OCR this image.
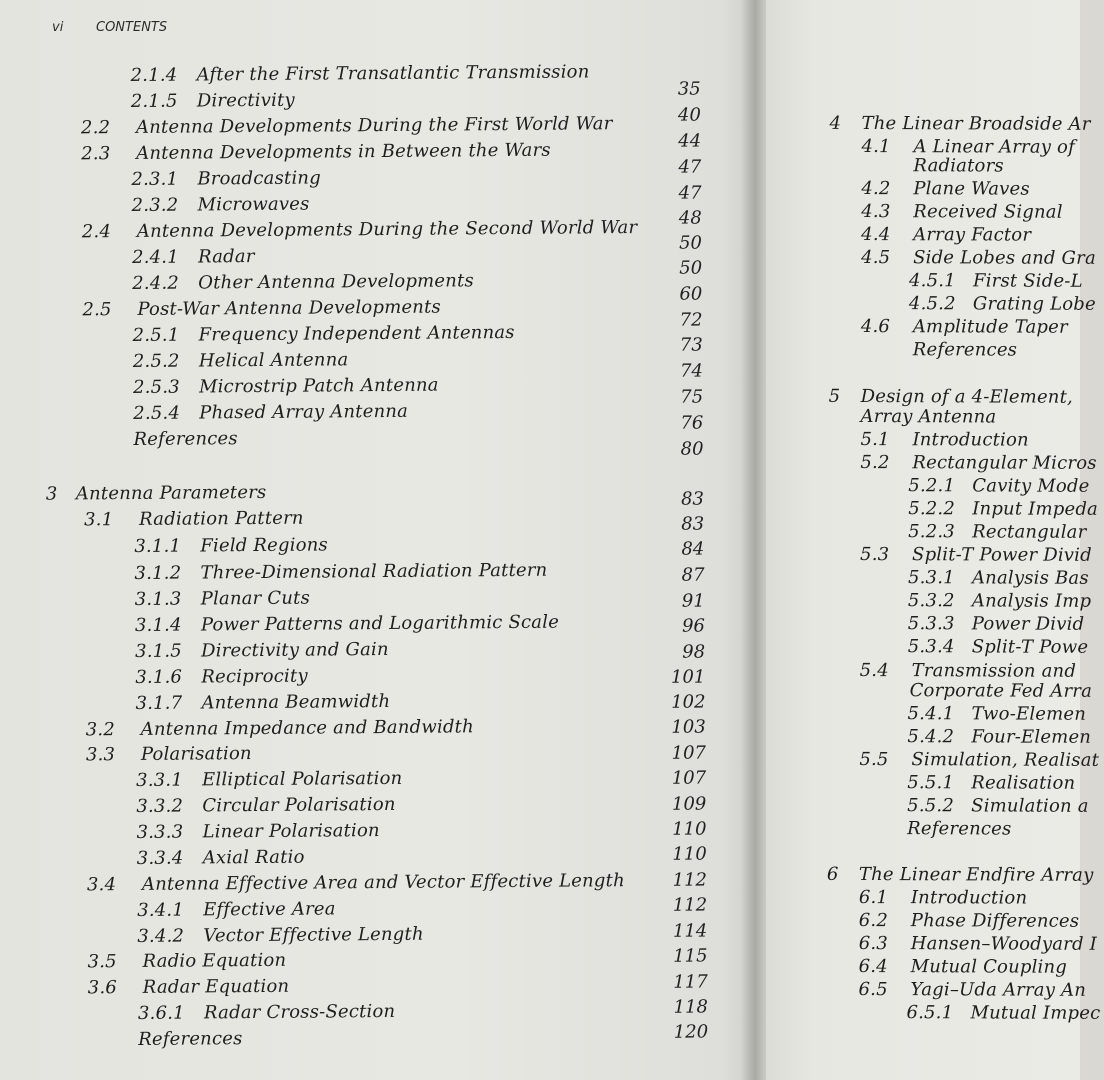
vi	CONTENTS
2.1.4 After the First Transatlantic Transmission
2.1.5 Directivity
2.2 Antenna Developments During the First World War
2.3 Antenna Developments in Between the Wars
2.3.1 Broadcasting
2.3.2 Microwaves
2.4 Antenna Developments During the Second World War
2.4.1 Radar
2.4.2 Other Antenna Developments
2.5 Post-War Antenna Developments
2.5.1 Frequency Independent Antennas
2.5.2 Helical Antenna
2.5.3 Microstrip Patch Antenna
2.5.4 Phased Array Antenna
References
3 Antenna Parameters
3.1 Radiation Pattern
3.1.1 Field Regions
3.1.2 Three-Dimensional Radiation Pattern
3.1.3 Planar Cuts
3.1.4 Power Patterns and Logarithmic Scale
3.1.5 Directivity and Gain
3.1.6 Reciprocity
3.1.7 Antenna Beamwidth
3.2 Antenna Impedance and Bandwidth
3.3 Polarisation
3.3.1 Elliptical Polarisation
3.3.2 Circular Polarisation
3.3.3 Linear Polarisation
3.3.4 Axial Ratio
3.4 Antenna Effective Area and Vector Effective Length
3.4.1 Effective Area
3.4.2 Vector Effective Length
3.5 Radio Equation
3.6 Radar Equation
3.6.1 Radar Cross-Section
References
35
40
44
47
47
48
50
50
60
72
73
74
75
76
80
83
83
84
87
91
96
98
101
102
103
107
107
109
110
110
112
112
114
115
117
118
120
4 The Linear Broadside Ar
4.1 A Linear Array of
Radiators
4.2 Plane Waves
4.3 Received Signal
4.4 Array Factor
4.5 Side Lobes and Gra
4.5.1 First Side-L
4.5.2 Grating Lobe
4.6 Amplitude Taper
References
5 Design of a 4-Element,
Array Antenna
5.1 Introduction
5.2 Rectangular Micros
5.2.1 Cavity Mode
5.2.2 Input Impeda
5.2.3 Rectangular
5.3 Split-T Power Divid
5.3.1 Analysis Bas
5.3.2 Analysis Imp
5.3.3 Power Divid
5.3.4 Split-T Powe
5.4 Transmission and
Corporate Fed Arra
5.4.1 Two-Elemen
5.4.2 Four-Elemen
5.5 Simulation, Realisat
5.5.1 Realisation
5.5.2 Simulation a
References
6 The Linear Endfire Array
6.1 Introduction
6.2 Phase Differences
6.3 Hansen–Woodyard I
6.4 Mutual Coupling
6.5 Yagi–Uda Array An
6.5.1 Mutual Impec
